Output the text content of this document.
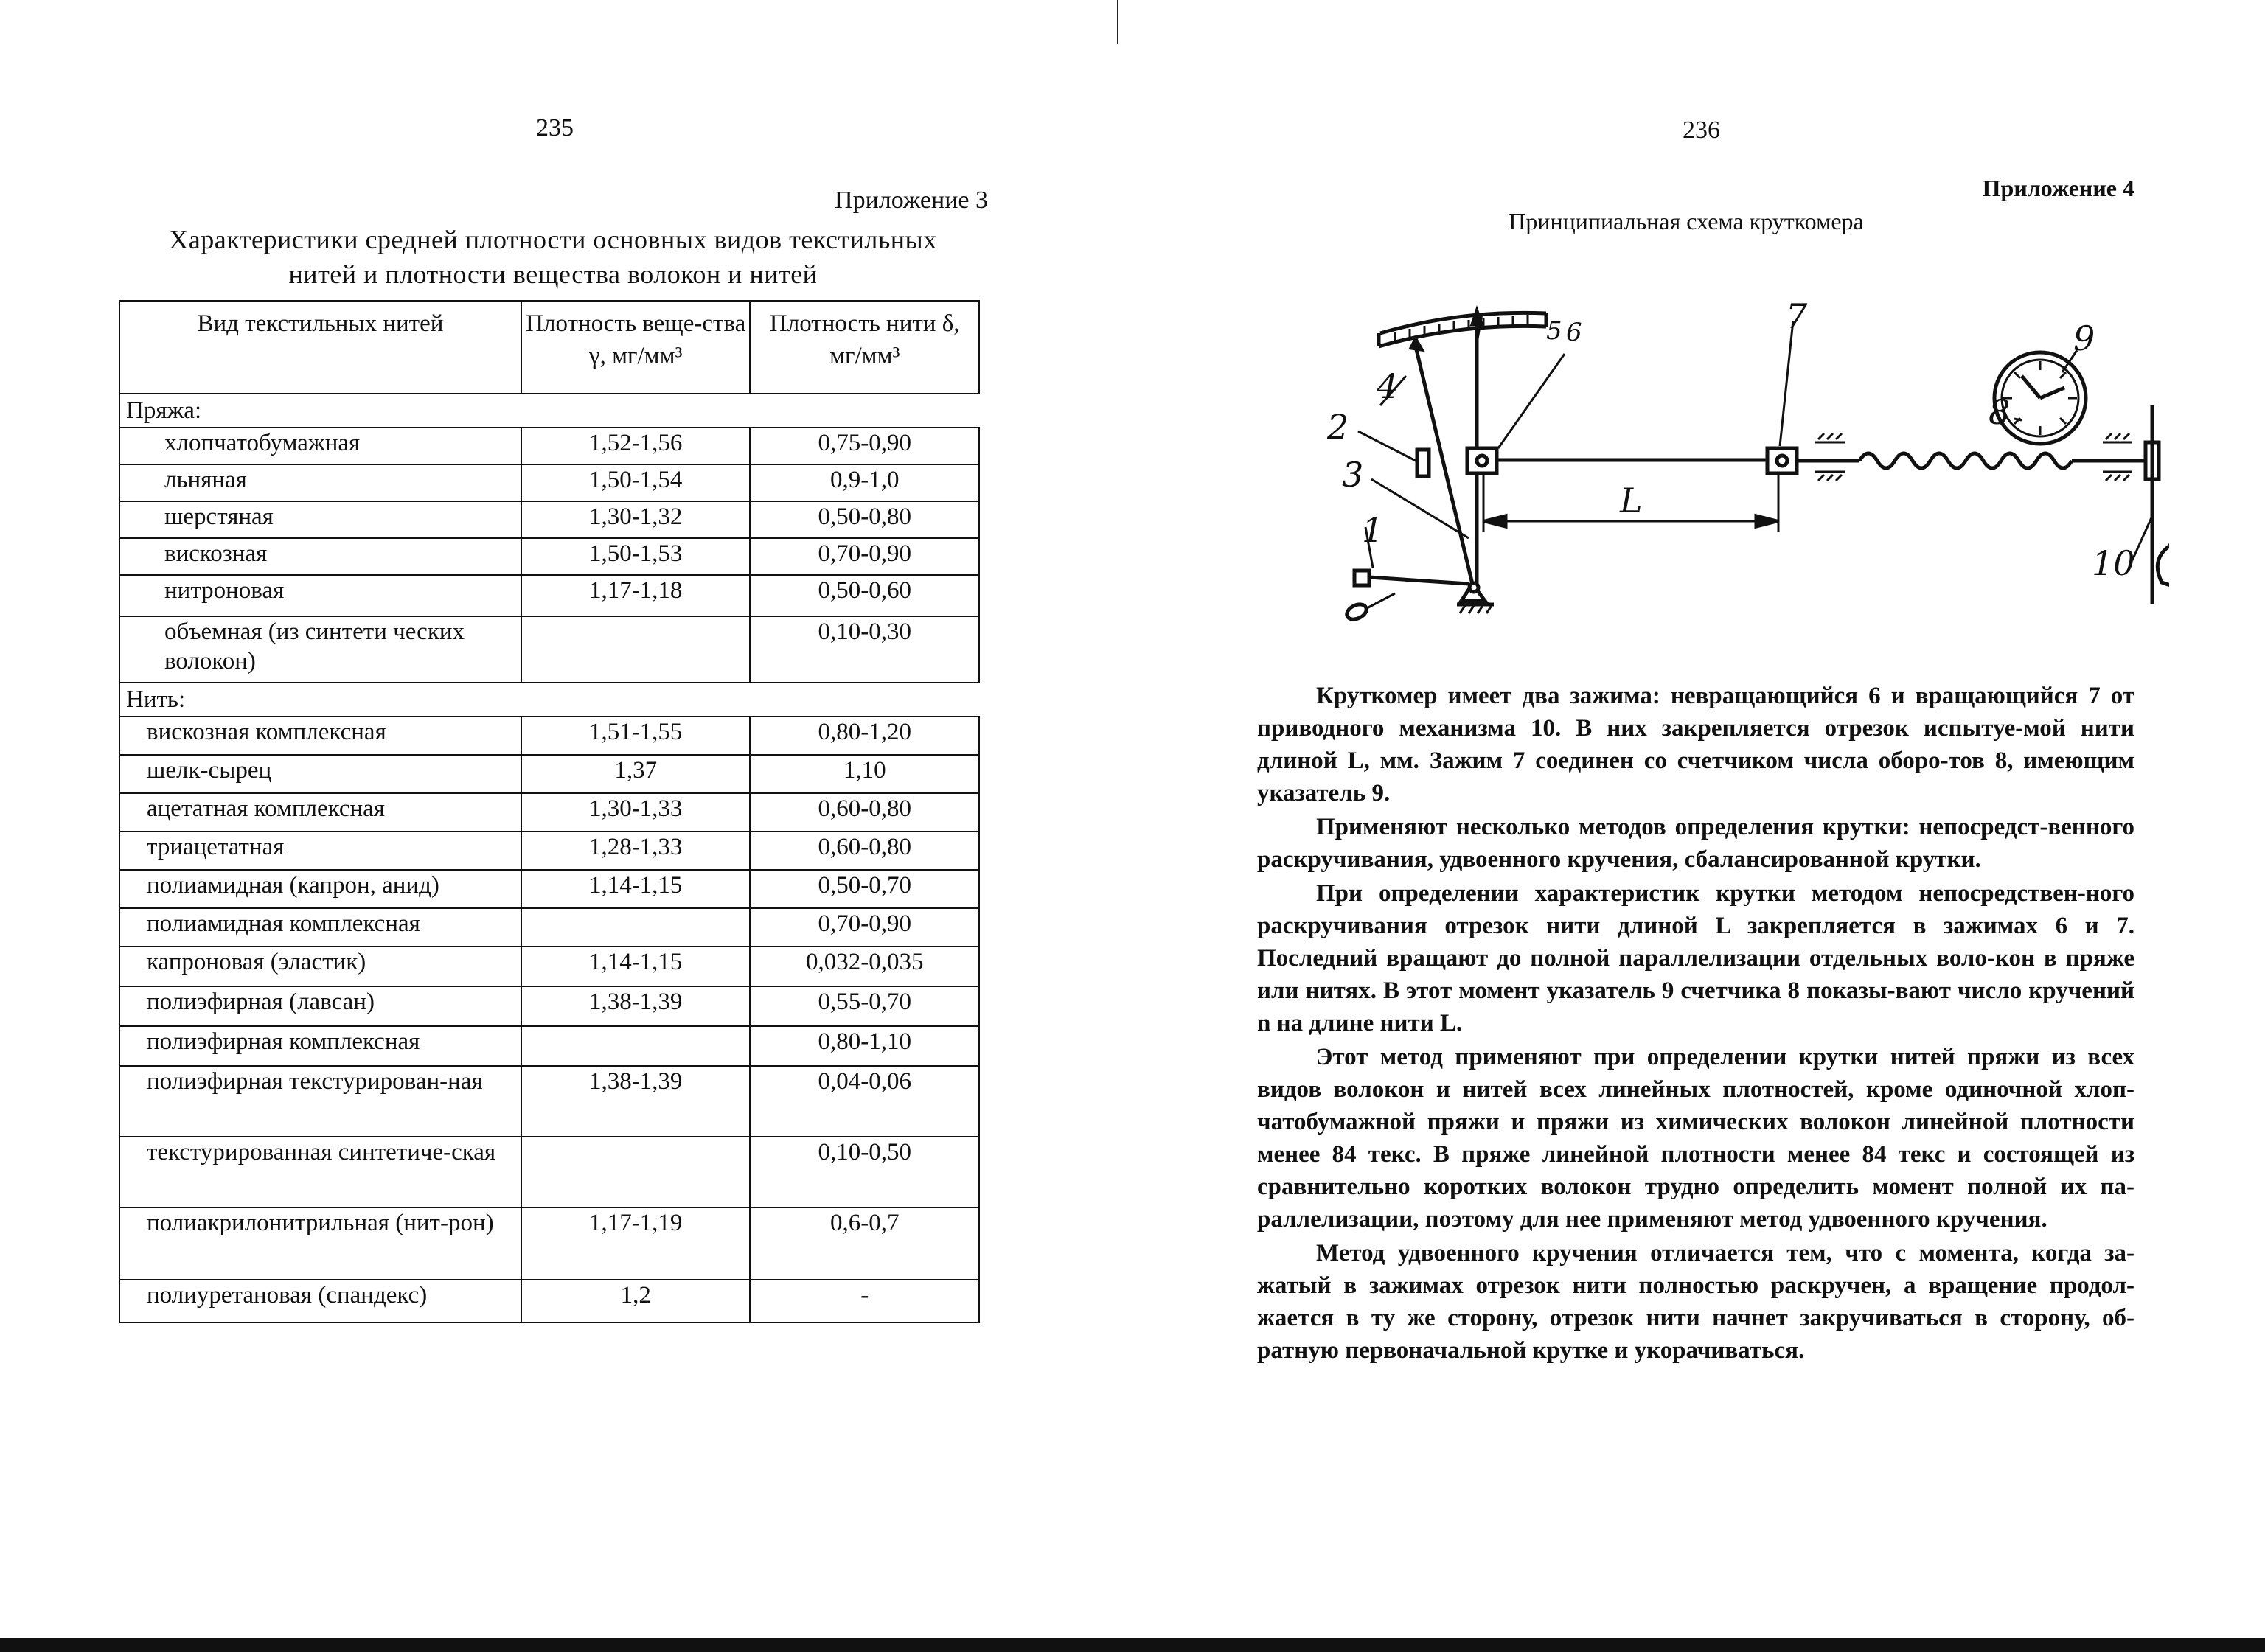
235
Приложение 3
Характеристики средней плотности основных видов текстильных
нитей и плотности вещества волокон и нитей
Вид текстильных нитей	Плотность веще-ства γ, мг/мм³	Плотность нити δ, мг/мм³
Пряжа:		
хлопчатобумажная	1,52-1,56	0,75-0,90
льняная	1,50-1,54	0,9-1,0
шерстяная	1,30-1,32	0,50-0,80
вискозная	1,50-1,53	0,70-0,90
нитроновая	1,17-1,18	0,50-0,60
объемная (из синтети ческих волокон)		0,10-0,30
Нить:		
вискозная комплексная	1,51-1,55	0,80-1,20
шелк-сырец	1,37	1,10
ацетатная комплексная	1,30-1,33	0,60-0,80
триацетатная	1,28-1,33	0,60-0,80
полиамидная (капрон, анид)	1,14-1,15	0,50-0,70
полиамидная комплексная		0,70-0,90
капроновая (эластик)	1,14-1,15	0,032-0,035
полиэфирная (лавсан)	1,38-1,39	0,55-0,70
полиэфирная комплексная		0,80-1,10
полиэфирная текстурирован-ная	1,38-1,39	0,04-0,06
текстурированная синтетиче-ская		0,10-0,50
полиакрилонитрильная (нит-рон)	1,17-1,19	0,6-0,7
полиуретановая (спандекс)	1,2	-
236
Приложение 4
Принципиальная схема круткомера
1
2
3
4
5 6	7
8
9
10
L

Круткомер имеет два зажима: невращающийся 6 и вращающийся 7 от приводного механизма 10. В них закрепляется отрезок испытуе-мой нити длиной L, мм. Зажим 7 соединен со счетчиком числа оборо-тов 8, имеющим указатель 9.

Применяют несколько методов определения крутки: непосредст-венного раскручивания, удвоенного кручения, сбалансированной крутки.

При определении характеристик крутки методом непосредствен-ного раскручивания отрезок нити длиной L закрепляется в зажимах 6 и 7. Последний вращают до полной параллелизации отдельных воло-кон в пряже или нитях. В этот момент указатель 9 счетчика 8 показы-вают число кручений n на длине нити L.

Этот метод применяют при определении крутки нитей пряжи из всех видов волокон и нитей всех линейных плотностей, кроме одиночной хлоп-чатобумажной пряжи и пряжи из химических волокон линейной плотности менее 84 текс. В пряже линейной плотности менее 84 текс и состоящей из сравнительно коротких волокон трудно определить момент полной их па-раллелизации, поэтому для нее применяют метод удвоенного кручения.

Метод удвоенного кручения отличается тем, что с момента, когда за-жатый в зажимах отрезок нити полностью раскручен, а вращение продол-жается в ту же сторону, отрезок нити начнет закручиваться в сторону, об-ратную первоначальной крутке и укорачиваться.
